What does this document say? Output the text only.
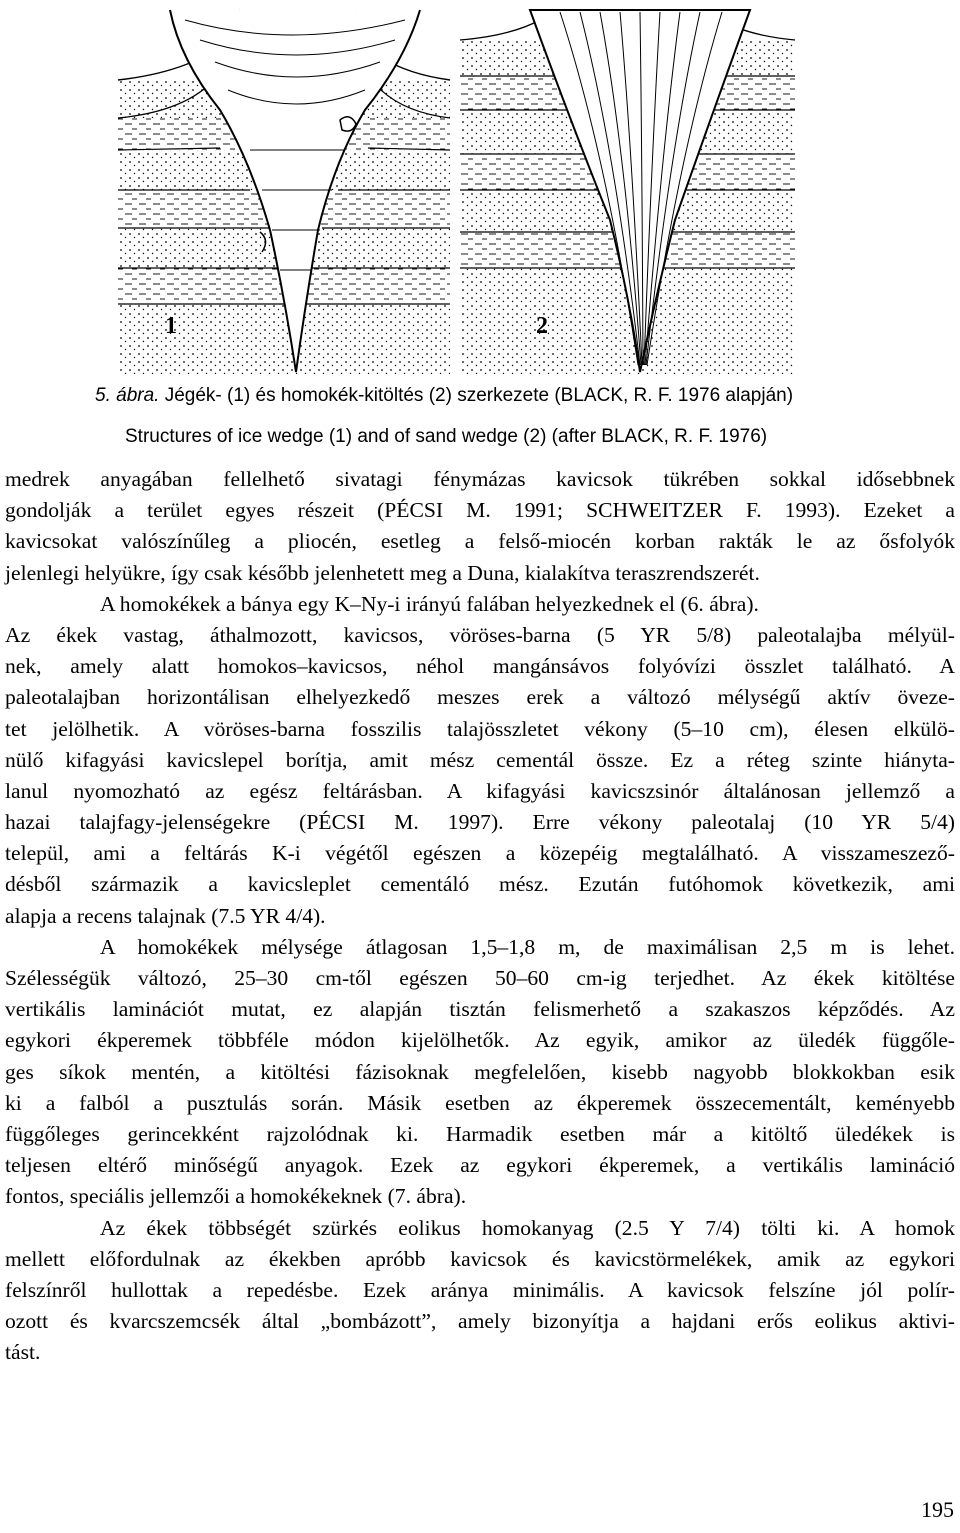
1	2
5. ábra. Jégék- (1) és homokék-kitöltés (2) szerkezete (BLACK, R. F. 1976 alapján)
Structures of ice wedge (1) and of sand wedge (2) (after BLACK, R. F. 1976)
medrek anyagában fellelhető sivatagi fénymázas kavicsok tükrében sokkal idősebbnek
gondolják a terület egyes részeit (PÉCSI M. 1991; SCHWEITZER F. 1993). Ezeket a
kavicsokat valószínűleg a pliocén, esetleg a felső-miocén korban rakták le az ősfolyók
jelenlegi helyükre, így csak később jelenhetett meg a Duna, kialakítva teraszrendszerét.
A homokékek a bánya egy K–Ny-i irányú falában helyezkednek el (6. ábra).
Az ékek vastag, áthalmozott, kavicsos, vöröses-barna (5 YR 5/8) paleotalajba mélyül-
nek, amely alatt homokos–kavicsos, néhol mangánsávos folyóvízi összlet található. A
paleotalajban horizontálisan elhelyezkedő meszes erek a változó mélységű aktív öveze-
tet jelölhetik. A vöröses-barna fosszilis talajösszletet vékony (5–10 cm), élesen elkülö-
nülő kifagyási kavicslepel borítja, amit mész cementál össze. Ez a réteg szinte hiányta-
lanul nyomozható az egész feltárásban. A kifagyási kavicszsinór általánosan jellemző a
hazai talajfagy-jelenségekre (PÉCSI M. 1997). Erre vékony paleotalaj (10 YR 5/4)
települ, ami a feltárás K-i végétől egészen a közepéig megtalálható. A visszameszező-
désből származik a kavicsleplet cementáló mész. Ezután futóhomok következik, ami
alapja a recens talajnak (7.5 YR 4/4).
A homokékek mélysége átlagosan 1,5–1,8 m, de maximálisan 2,5 m is lehet.
Szélességük változó, 25–30 cm-től egészen 50–60 cm-ig terjedhet. Az ékek kitöltése
vertikális laminációt mutat, ez alapján tisztán felismerhető a szakaszos képződés. Az
egykori ékperemek többféle módon kijelölhetők. Az egyik, amikor az üledék függőle-
ges síkok mentén, a kitöltési fázisoknak megfelelően, kisebb nagyobb blokkokban esik
ki a falból a pusztulás során. Másik esetben az ékperemek összecementált, keményebb
függőleges gerincekként rajzolódnak ki. Harmadik esetben már a kitöltő üledékek is
teljesen eltérő minőségű anyagok. Ezek az egykori ékperemek, a vertikális lamináció
fontos, speciális jellemzői a homokékeknek (7. ábra).
Az ékek többségét szürkés eolikus homokanyag (2.5 Y 7/4) tölti ki. A homok
mellett előfordulnak az ékekben apróbb kavicsok és kavicstörmelékek, amik az egykori
felszínről hullottak a repedésbe. Ezek aránya minimális. A kavicsok felszíne jól polír-
ozott és kvarcszemcsék által „bombázott”, amely bizonyítja a hajdani erős eolikus aktivi-
tást.
195
